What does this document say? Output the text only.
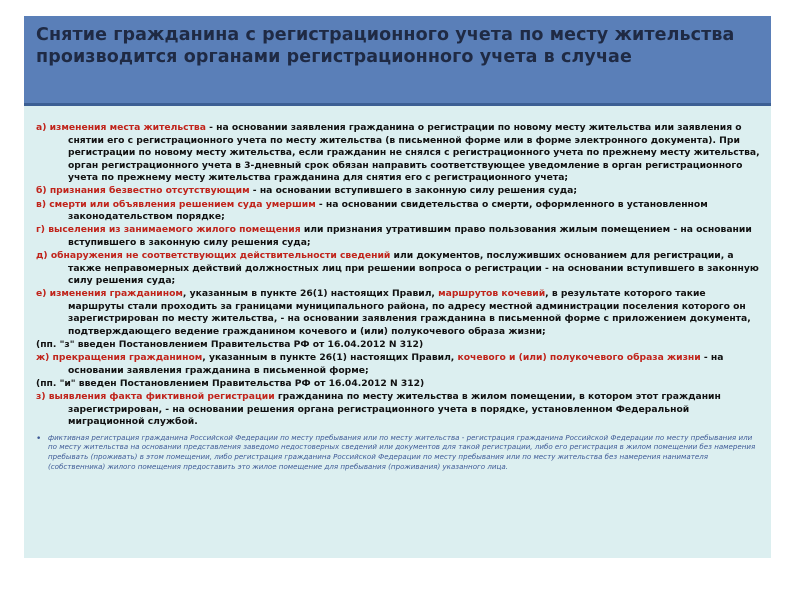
Снятие гражданина с регистрационного учета по месту жительства производится органами регистрационного учета в случае

а) изменения места жительства - на основании заявления гражданина о регистрации по новому месту жительства или заявления о снятии его с регистрационного учета по месту жительства (в письменной форме или в форме электронного документа). При регистрации по новому месту жительства, если гражданин не снялся с регистрационного учета по прежнему месту жительства, орган регистрационного учета в 3-дневный срок обязан направить соответствующее уведомление в орган регистрационного учета по прежнему месту жительства гражданина для снятия его с регистрационного учета;

б) признания безвестно отсутствующим - на основании вступившего в законную силу решения суда;

в) смерти или объявления решением суда умершим - на основании свидетельства о смерти, оформленного в установленном законодательством порядке;

г) выселения из занимаемого жилого помещения или признания утратившим право пользования жилым помещением - на основании вступившего в законную силу решения суда;

д) обнаружения не соответствующих действительности сведений или документов, послуживших основанием для регистрации, а также неправомерных действий должностных лиц при решении вопроса о регистрации - на основании вступившего в законную силу решения суда;

е) изменения гражданином, указанным в пункте 26(1) настоящих Правил, маршрутов кочевий, в результате которого такие маршруты стали проходить за границами муниципального района, по адресу местной администрации поселения которого он зарегистрирован по месту жительства, - на основании заявления гражданина в письменной форме с приложением документа, подтверждающего ведение гражданином кочевого и (или) полукочевого образа жизни;

(пп. "з" введен Постановлением Правительства РФ от 16.04.2012 N 312)

ж) прекращения гражданином, указанным в пункте 26(1) настоящих Правил, кочевого и (или) полукочевого образа жизни - на основании заявления гражданина в письменной форме;

(пп. "и" введен Постановлением Правительства РФ от 16.04.2012 N 312)

з) выявления факта фиктивной регистрации гражданина по месту жительства в жилом помещении, в котором этот гражданин зарегистрирован, - на основании решения органа регистрационного учета в порядке, установленном Федеральной миграционной службой.

• фиктивная регистрация гражданина Российской Федерации по месту пребывания или по месту жительства - регистрация гражданина Российской Федерации по месту пребывания или по месту жительства на основании представления заведомо недостоверных сведений или документов для такой регистрации, либо его регистрация в жилом помещении без намерения пребывать (проживать) в этом помещении, либо регистрация гражданина Российской Федерации по месту пребывания или по месту жительства без намерения нанимателя (собственника) жилого помещения предоставить это жилое помещение для пребывания (проживания) указанного лица.
